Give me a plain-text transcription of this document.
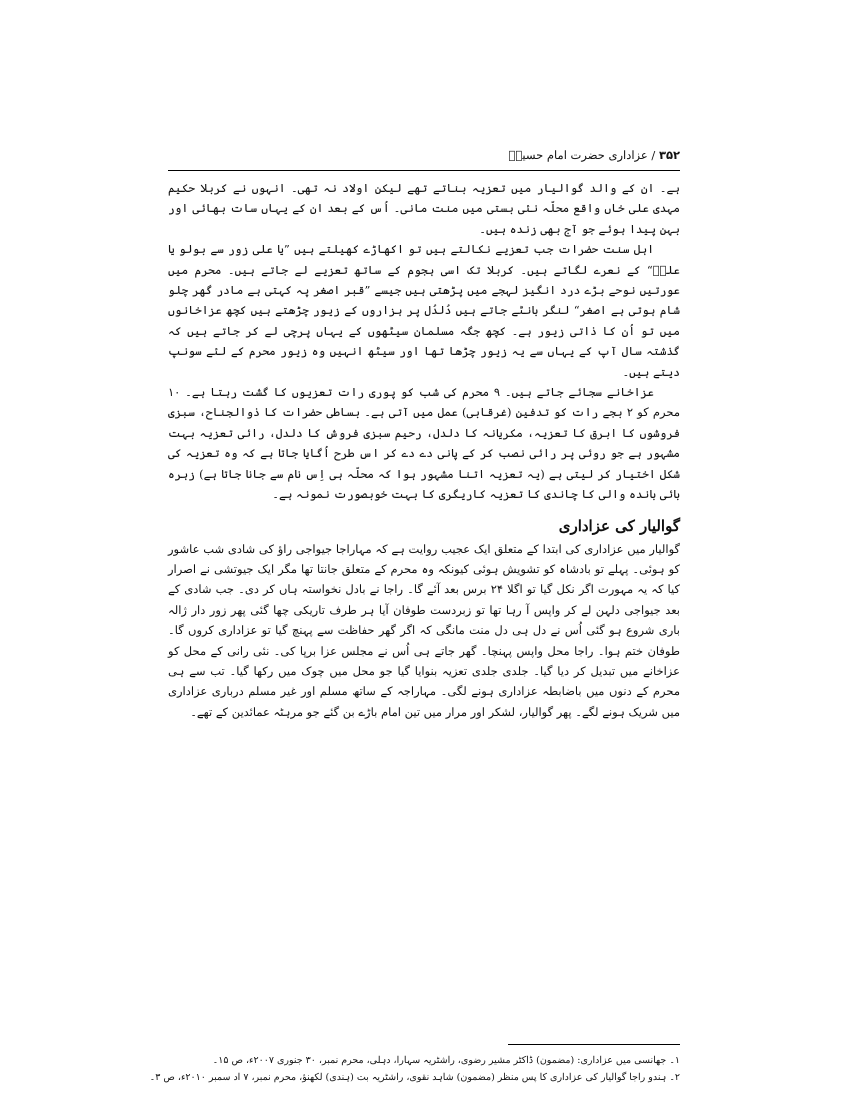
۳۵۲ / عزاداری حضرت امام حسینؑ

ہے۔ ان کے والد گوالیار میں تعزیہ بناتے تھے لیکن اولاد نہ تھی۔ انہوں نے کربلا حکیم مہدی علی خاں واقع محلّہ نئی بستی میں منت مانی۔ اُس کے بعد ان کے یہاں سات بھائی اور بہن پیدا ہوئے جو آج بھی زندہ ہیں۔

اہل سنت حضرات جب تعزیے نکالتے ہیں تو اکھاڑے کھیلتے ہیں ”یا علی زور سے بولو یا علیؑ“ کے نعرے لگاتے ہیں۔ کربلا تک اسی ہجوم کے ساتھ تعزیے لے جاتے ہیں۔ محرم میں عورتیں نوحے بڑے درد انگیز لہجے میں پڑھتی ہیں جیسے ”قبر اصغر پہ کہتی ہے مادر گھر چلو شام ہوتی ہے اصغر“ لنگر بانٹے جاتے ہیں دُلدُل پر ہزاروں کے زیور چڑھتے ہیں کچھ عزاخانوں میں تو اُن کا ذاتی زیور ہے۔ کچھ جگہ مسلمان سیٹھوں کے یہاں پرچی لے کر جاتے ہیں کہ گذشتہ سال آپ کے یہاں سے یہ زیور چڑھا تھا اور سیٹھ انہیں وہ زیور محرم کے لئے سونپ دیتے ہیں۔

عزاخانے سجائے جاتے ہیں۔ ۹ محرم کی شب کو پوری رات تعزیوں کا گشت رہتا ہے۔ ۱۰ محرم کو ۲ بجے رات کو تدفین (غرقابی) عمل میں آتی ہے۔ بساطی حضرات کا ذوالجناح، سبزی فروشوں کا ابرق کا تعزیہ، مکریانہ کا دلدل، رحیم سبزی فروش کا دلدل، رائی تعزیہ بہت مشہور ہے جو روئی پر رائی نصب کر کے پانی دے دے کر اس طرح اُگایا جاتا ہے کہ وہ تعزیہ کی شکل اختیار کر لیتی ہے (یہ تعزیہ اتنا مشہور ہوا کہ محلّہ ہی اِس نام سے جانا جاتا ہے) زہرہ بائی باندہ والی کا چاندی کا تعزیہ کاریگری کا بہت خوبصورت نمونہ ہے۔

گوالیار کی عزاداری

گوالیار میں عزاداری کی ابتدا کے متعلق ایک عجیب روایت ہے کہ مہاراجا جیواجی راؤ کی شادی شب عاشور کو ہوئی۔ پہلے تو بادشاہ کو تشویش ہوئی کیونکہ وہ محرم کے متعلق جانتا تھا مگر ایک جیوتشی نے اصرار کیا کہ یہ مہورت اگر نکل گیا تو اگلا ۲۴ برس بعد آئے گا۔ راجا نے بادل نخواستہ ہاں کر دی۔ جب شادی کے بعد جیواجی دلہن لے کر واپس آ رہا تھا تو زبردست طوفان آیا ہر طرف تاریکی چھا گئی پھر زور دار ژالہ باری شروع ہو گئی اُس نے دل ہی دل منت مانگی کہ اگر گھر حفاظت سے پہنچ گیا تو عزاداری کروں گا۔ طوفان ختم ہوا۔ راجا محل واپس پہنچا۔ گھر جاتے ہی اُس نے مجلس عزا برپا کی۔ نئی رانی کے محل کو عزاخانے میں تبدیل کر دیا گیا۔ جلدی جلدی تعزیہ بنوایا گیا جو محل میں چوک میں رکھا گیا۔ تب سے ہی محرم کے دنوں میں باضابطہ عزاداری ہونے لگی۔ مہاراجہ کے ساتھ مسلم اور غیر مسلم درباری عزاداری میں شریک ہونے لگے۔ پھر گوالیار، لشکر اور مرار میں تین امام باڑے بن گئے جو مرہٹہ عمائدین کے تھے۔

۱۔ جھانسی میں عزاداری: (مضمون) ڈاکٹر مشیر رضوی، راشٹریہ سہارا، دہلی، محرم نمبر، ۳۰ جنوری ۲۰۰۷ء، ص ۱۵۔
۲۔ ہندو راجا گوالیار کی عزاداری کا پس منظر (مضمون) شاہد نقوی، راشٹریہ بت (ہندی) لکھنؤ، محرم نمبر، ۷ اد سمبر ۲۰۱۰ء، ص ۳۔
